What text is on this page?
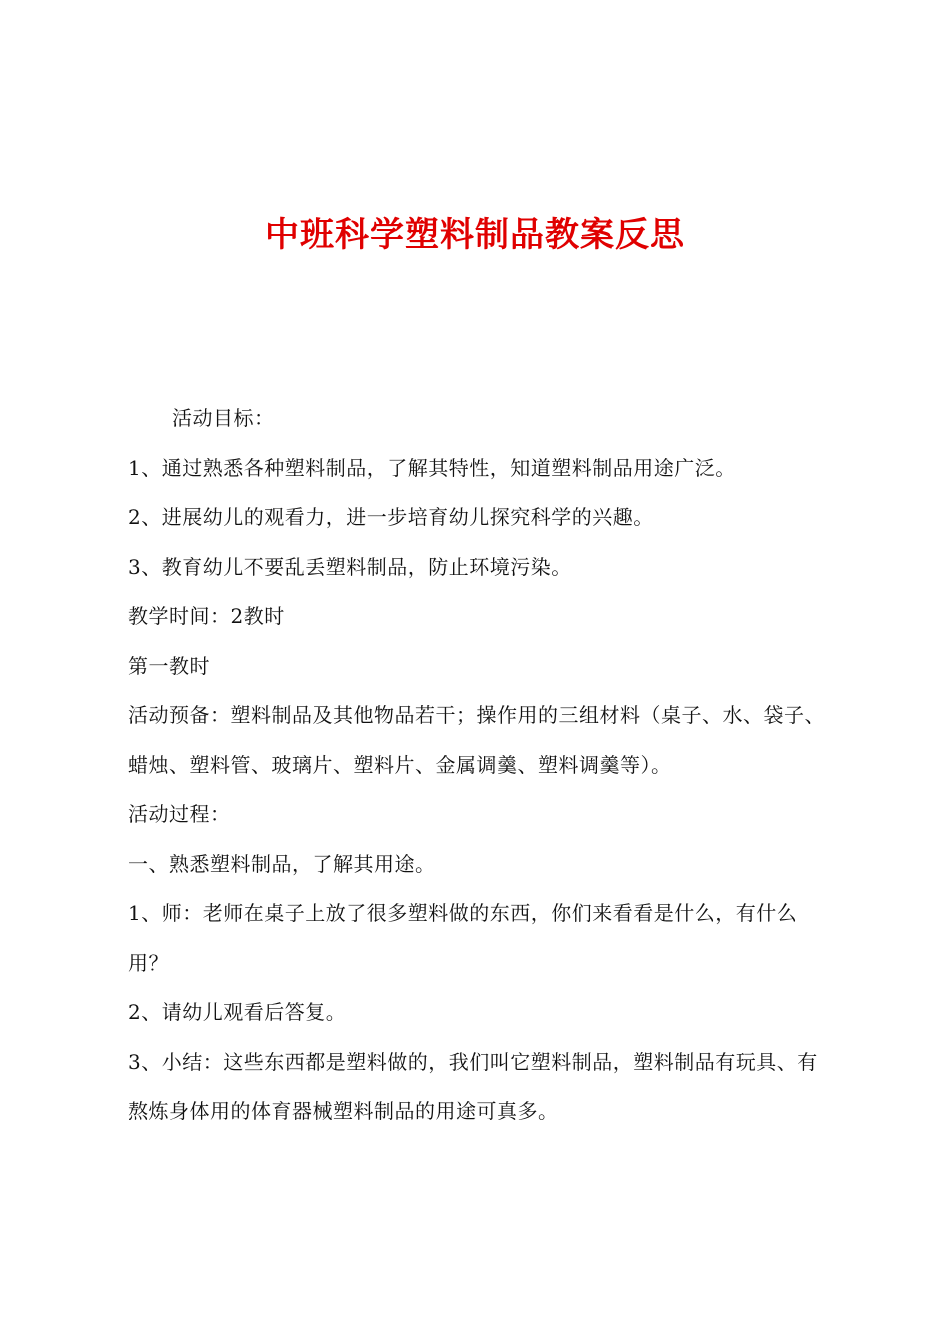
中班科学塑料制品教案反思

活动目标：

1、通过熟悉各种塑料制品，了解其特性，知道塑料制品用途广泛。

2、进展幼儿的观看力，进一步培育幼儿探究科学的兴趣。

3、教育幼儿不要乱丢塑料制品，防止环境污染。

教学时间：2教时

第一教时

活动预备：塑料制品及其他物品若干；操作用的三组材料（桌子、水、袋子、蜡烛、塑料管、玻璃片、塑料片、金属调羹、塑料调羹等）。

活动过程：

一、熟悉塑料制品，了解其用途。

1、师：老师在桌子上放了很多塑料做的东西，你们来看看是什么，有什么用？

2、请幼儿观看后答复。

3、小结：这些东西都是塑料做的，我们叫它塑料制品，塑料制品有玩具、有熬炼身体用的体育器械塑料制品的用途可真多。
